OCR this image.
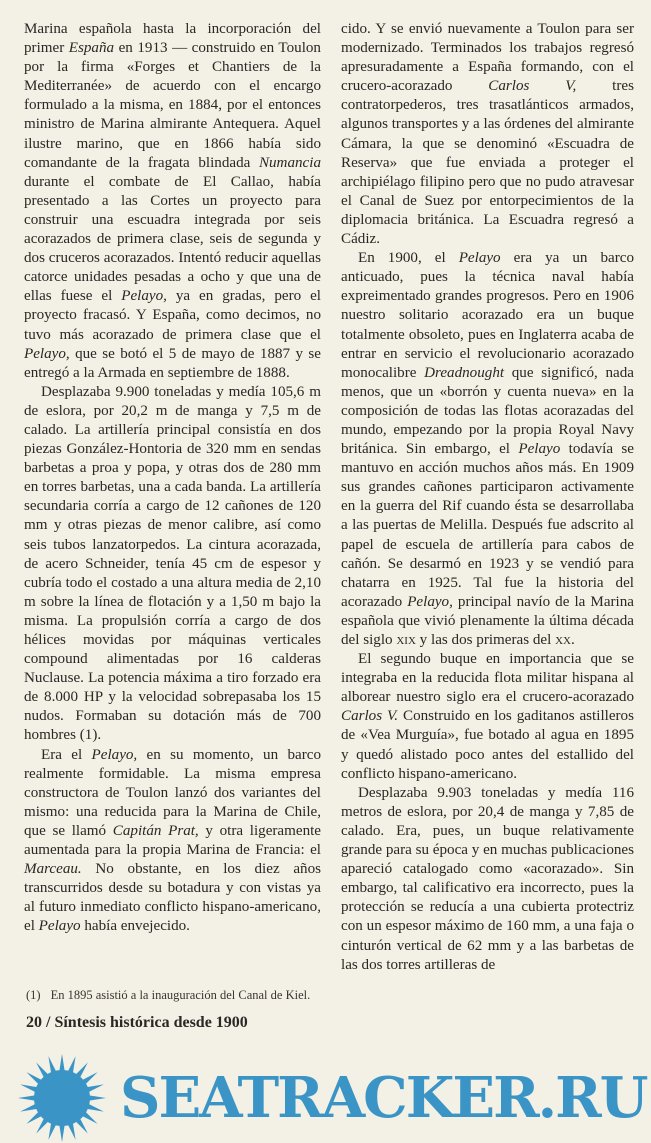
Marina española hasta la incorporación del primer España en 1913 — construido en Toulon por la firma «Forges et Chantiers de la Mediterranée» de acuerdo con el encargo formulado a la misma, en 1884, por el entonces ministro de Marina almirante Antequera. Aquel ilustre marino, que en 1866 había sido comandante de la fragata blindada Numancia durante el combate de El Callao, había presentado a las Cortes un proyecto para construir una escuadra integrada por seis acorazados de primera clase, seis de segunda y dos cruceros acorazados. Intentó reducir aquellas catorce unidades pesadas a ocho y que una de ellas fuese el Pelayo, ya en gradas, pero el proyecto fracasó. Y España, como decimos, no tuvo más acorazado de primera clase que el Pelayo, que se botó el 5 de mayo de 1887 y se entregó a la Armada en septiembre de 1888.

Desplazaba 9.900 toneladas y medía 105,6 m de eslora, por 20,2 m de manga y 7,5 m de calado. La artillería principal consistía en dos piezas González-Hontoria de 320 mm en sendas barbetas a proa y popa, y otras dos de 280 mm en torres barbetas, una a cada banda. La artillería secundaria corría a cargo de 12 cañones de 120 mm y otras piezas de menor calibre, así como seis tubos lanzatorpedos. La cintura acorazada, de acero Schneider, tenía 45 cm de espesor y cubría todo el costado a una altura media de 2,10 m sobre la línea de flotación y a 1,50 m bajo la misma. La propulsión corría a cargo de dos hélices movidas por máquinas verticales compound alimentadas por 16 calderas Nuclause. La potencia máxima a tiro forzado era de 8.000 HP y la velocidad sobrepasaba los 15 nudos. Formaban su dotación más de 700 hombres (1).

Era el Pelayo, en su momento, un barco realmente formidable. La misma empresa constructora de Toulon lanzó dos variantes del mismo: una reducida para la Marina de Chile, que se llamó Capitán Prat, y otra ligeramente aumentada para la propia Marina de Francia: el Marceau. No obstante, en los diez años transcurridos desde su botadura y con vistas ya al futuro inmediato conflicto hispano-americano, el Pelayo había envejecido.

cido. Y se envió nuevamente a Toulon para ser modernizado. Terminados los trabajos regresó apresuradamente a España formando, con el crucero-acorazado Carlos V, tres contratorpederos, tres trasatlánticos armados, algunos transportes y a las órdenes del almirante Cámara, la que se denominó «Escuadra de Reserva» que fue enviada a proteger el archipiélago filipino pero que no pudo atravesar el Canal de Suez por entorpecimientos de la diplomacia británica. La Escuadra regresó a Cádiz.

En 1900, el Pelayo era ya un barco anticuado, pues la técnica naval había expreimentado grandes progresos. Pero en 1906 nuestro solitario acorazado era un buque totalmente obsoleto, pues en Inglaterra acaba de entrar en servicio el revolucionario acorazado monocalibre Dreadnought que significó, nada menos, que un «borrón y cuenta nueva» en la composición de todas las flotas acorazadas del mundo, empezando por la propia Royal Navy británica. Sin embargo, el Pelayo todavía se mantuvo en acción muchos años más. En 1909 sus grandes cañones participaron activamente en la guerra del Rif cuando ésta se desarrollaba a las puertas de Melilla. Después fue adscrito al papel de escuela de artillería para cabos de cañón. Se desarmó en 1923 y se vendió para chatarra en 1925. Tal fue la historia del acorazado Pelayo, principal navío de la Marina española que vivió plenamente la última década del siglo xix y las dos primeras del xx.

El segundo buque en importancia que se integraba en la reducida flota militar hispana al alborear nuestro siglo era el crucero-acorazado Carlos V. Construido en los gaditanos astilleros de «Vea Murguía», fue botado al agua en 1895 y quedó alistado poco antes del estallido del conflicto hispano-americano.

Desplazaba 9.903 toneladas y medía 116 metros de eslora, por 20,4 de manga y 7,85 de calado. Era, pues, un buque relativamente grande para su época y en muchas publicaciones apareció catalogado como «acorazado». Sin embargo, tal calificativo era incorrecto, pues la protección se reducía a una cubierta protectriz con un espesor máximo de 160 mm, a una faja o cinturón vertical de 62 mm y a las barbetas de las dos torres artilleras de

(1) En 1895 asistió a la inauguración del Canal de Kiel.
20 / Síntesis histórica desde 1900
SEATRACKER.RU
